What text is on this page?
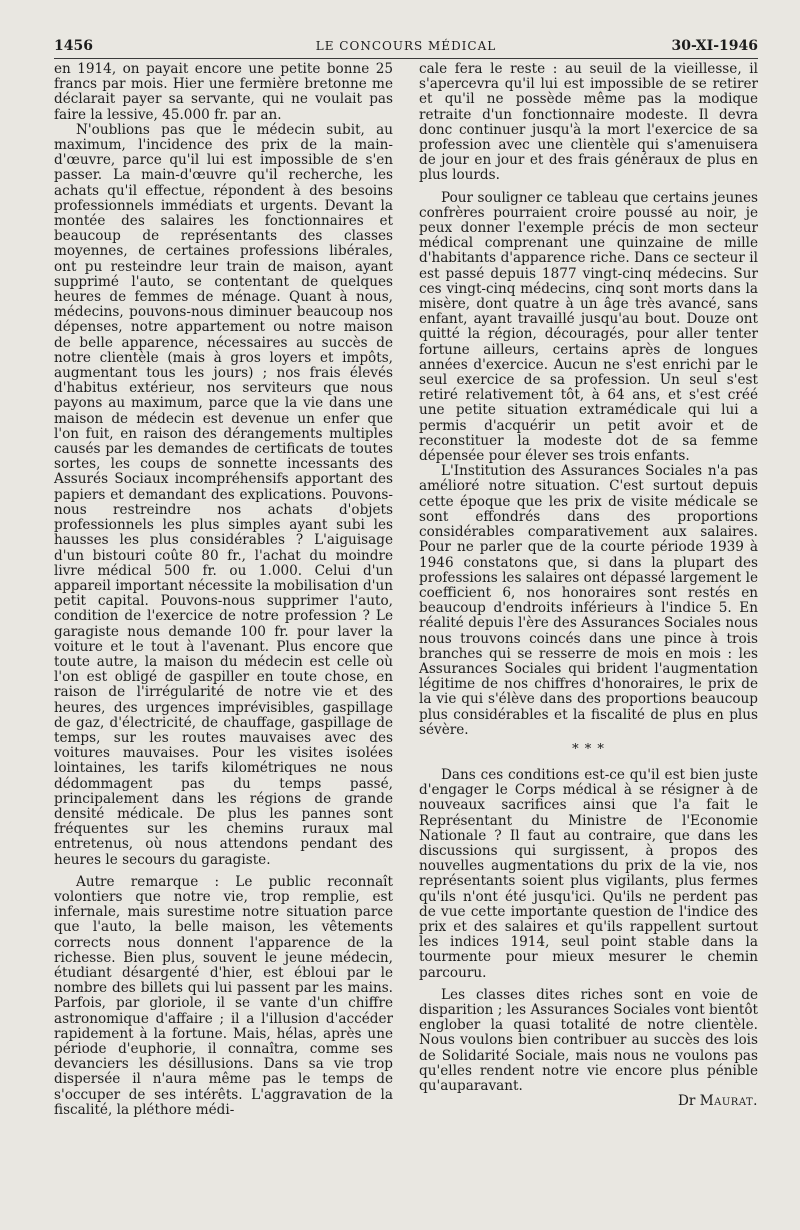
1456	LE CONCOURS MÉDICAL	30-XI-1946

en 1914, on payait encore une petite bonne 25 francs par mois. Hier une fermière bretonne me déclarait payer sa servante, qui ne voulait pas faire la lessive, 45.000 fr. par an.

N'oublions pas que le médecin subit, au maximum, l'incidence des prix de la main-d'œuvre, parce qu'il lui est impossible de s'en passer. La main-d'œuvre qu'il recherche, les achats qu'il effectue, répondent à des besoins professionnels immédiats et urgents. Devant la montée des salaires les fonctionnaires et beaucoup de représentants des classes moyennes, de certaines professions libérales, ont pu resteindre leur train de maison, ayant supprimé l'auto, se contentant de quelques heures de femmes de ménage. Quant à nous, médecins, pouvons-nous diminuer beaucoup nos dépenses, notre appartement ou notre maison de belle apparence, nécessaires au succès de notre clientèle (mais à gros loyers et impôts, augmentant tous les jours) ; nos frais élevés d'habitus extérieur, nos serviteurs que nous payons au maximum, parce que la vie dans une maison de médecin est devenue un enfer que l'on fuit, en raison des dérangements multiples causés par les demandes de certificats de toutes sortes, les coups de sonnette incessants des Assurés Sociaux incompréhensifs apportant des papiers et demandant des explications. Pouvons-nous restreindre nos achats d'objets professionnels les plus simples ayant subi les hausses les plus considérables ? L'aiguisage d'un bistouri coûte 80 fr., l'achat du moindre livre médical 500 fr. ou 1.000. Celui d'un appareil important nécessite la mobilisation d'un petit capital. Pouvons-nous supprimer l'auto, condition de l'exercice de notre profession ? Le garagiste nous demande 100 fr. pour laver la voiture et le tout à l'avenant. Plus encore que toute autre, la maison du médecin est celle où l'on est obligé de gaspiller en toute chose, en raison de l'irrégularité de notre vie et des heures, des urgences imprévisibles, gaspillage de gaz, d'électricité, de chauffage, gaspillage de temps, sur les routes mauvaises avec des voitures mauvaises. Pour les visites isolées lointaines, les tarifs kilométriques ne nous dédommagent pas du temps passé, principalement dans les régions de grande densité médicale. De plus les pannes sont fréquentes sur les chemins ruraux mal entretenus, où nous attendons pendant des heures le secours du garagiste.

Autre remarque : Le public reconnaît volontiers que notre vie, trop remplie, est infernale, mais surestime notre situation parce que l'auto, la belle maison, les vêtements corrects nous donnent l'apparence de la richesse. Bien plus, souvent le jeune médecin, étudiant désargenté d'hier, est ébloui par le nombre des billets qui lui passent par les mains. Parfois, par gloriole, il se vante d'un chiffre astronomique d'affaire ; il a l'illusion d'accéder rapidement à la fortune. Mais, hélas, après une période d'euphorie, il connaîtra, comme ses devanciers les désillusions. Dans sa vie trop dispersée il n'aura même pas le temps de s'occuper de ses intérêts. L'aggravation de la fiscalité, la pléthore médi-

cale fera le reste : au seuil de la vieillesse, il s'apercevra qu'il lui est impossible de se retirer et qu'il ne possède même pas la modique retraite d'un fonctionnaire modeste. Il devra donc continuer jusqu'à la mort l'exercice de sa profession avec une clientèle qui s'amenuisera de jour en jour et des frais généraux de plus en plus lourds.

Pour souligner ce tableau que certains jeunes confrères pourraient croire poussé au noir, je peux donner l'exemple précis de mon secteur médical comprenant une quinzaine de mille d'habitants d'apparence riche. Dans ce secteur il est passé depuis 1877 vingt-cinq médecins. Sur ces vingt-cinq médecins, cinq sont morts dans la misère, dont quatre à un âge très avancé, sans enfant, ayant travaillé jusqu'au bout. Douze ont quitté la région, découragés, pour aller tenter fortune ailleurs, certains après de longues années d'exercice. Aucun ne s'est enrichi par le seul exercice de sa profession. Un seul s'est retiré relativement tôt, à 64 ans, et s'est créé une petite situation extramédicale qui lui a permis d'acquérir un petit avoir et de reconstituer la modeste dot de sa femme dépensée pour élever ses trois enfants.

L'Institution des Assurances Sociales n'a pas amélioré notre situation. C'est surtout depuis cette époque que les prix de visite médicale se sont effondrés dans des proportions considérables comparativement aux salaires. Pour ne parler que de la courte période 1939 à 1946 constatons que, si dans la plupart des professions les salaires ont dépassé largement le coefficient 6, nos honoraires sont restés en beaucoup d'endroits inférieurs à l'indice 5. En réalité depuis l'ère des Assurances Sociales nous nous trouvons coincés dans une pince à trois branches qui se resserre de mois en mois : les Assurances Sociales qui brident l'augmentation légitime de nos chiffres d'honoraires, le prix de la vie qui s'élève dans des proportions beaucoup plus considérables et la fiscalité de plus en plus sévère.

* * *

Dans ces conditions est-ce qu'il est bien juste d'engager le Corps médical à se résigner à de nouveaux sacrifices ainsi que l'a fait le Représentant du Ministre de l'Economie Nationale ? Il faut au contraire, que dans les discussions qui surgissent, à propos des nouvelles augmentations du prix de la vie, nos représentants soient plus vigilants, plus fermes qu'ils n'ont été jusqu'ici. Qu'ils ne perdent pas de vue cette importante question de l'indice des prix et des salaires et qu'ils rappellent surtout les indices 1914, seul point stable dans la tourmente pour mieux mesurer le chemin parcouru.

Les classes dites riches sont en voie de disparition ; les Assurances Sociales vont bientôt englober la quasi totalité de notre clientèle. Nous voulons bien contribuer au succès des lois de Solidarité Sociale, mais nous ne voulons pas qu'elles rendent notre vie encore plus pénible qu'auparavant.

Dr Maurat.
